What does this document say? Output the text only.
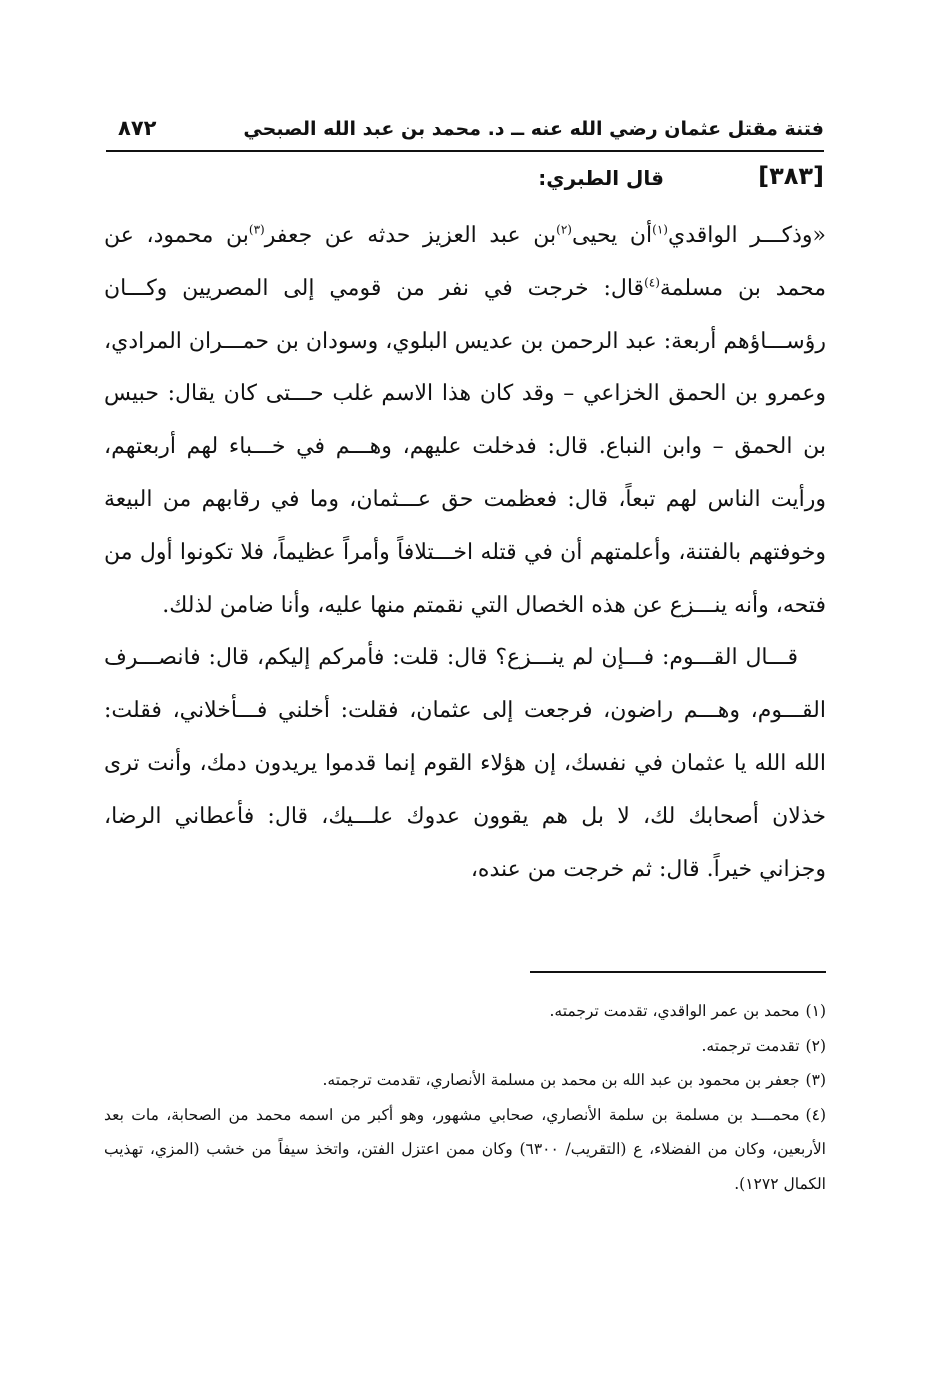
فتنة مقتل عثمان رضي الله عنه ــ د. محمد بن عبد الله الصبحي
٨٧٢
[٣٨٣]
قال الطبري:

«وذكـــر الواقدي$^{(١)}$أن يحيى$^{(٢)}$بن عبد العزيز حدثه عن جعفر$^{(٣)}$بن محمود، عن محمد بن مسلمة$^{(٤)}$قال: خرجت في نفر من قومي إلى المصريين وكـــان رؤســـاؤهم أربعة: عبد الرحمن بن عديس البلوي، وسودان بن حمـــران المرادي، وعمرو بن الحمق الخزاعي – وقد كان هذا الاسم غلب حـــتى كان يقال: حبيس بن الحمق – وابن النباع. قال: فدخلت عليهم، وهـــم في خـــباء لهم أربعتهم، ورأيت الناس لهم تبعاً، قال: فعظمت حق عـــثمان، وما في رقابهم من البيعة وخوفتهم بالفتنة، وأعلمتهم أن في قتله اخـــتلافاً وأمراً عظيماً، فلا تكونوا أول من فتحه، وأنه ينـــزع عن هذه الخصال التي نقمتم منها عليه، وأنا ضامن لذلك.

قـــال القـــوم: فـــإن لم ينـــزع؟ قال: قلت: فأمركم إليكم، قال: فانصـــرف القـــوم، وهـــم راضون، فرجعت إلى عثمان، فقلت: أخلني فـــأخلاني، فقلت: الله الله يا عثمان في نفسك، إن هؤلاء القوم إنما قدموا يريدون دمك، وأنت ترى خذلان أصحابك لك، لا بل هم يقوون عدوك علـــيك، قال: فأعطاني الرضا، وجزاني خيراً. قال: ثم خرجت من عنده،

(١)محمد بن عمر الواقدي، تقدمت ترجمته.

(٢)تقدمت ترجمته.

(٣)جعفر بن محمود بن عبد الله بن محمد بن مسلمة الأنصاري، تقدمت ترجمته.

(٤)محمـــد بن مسلمة بن سلمة الأنصاري، صحابي مشهور، وهو أكبر من اسمه محمد من الصحابة، مات بعد الأربعين، وكان من الفضلاء، ع (التقريب/ ٦٣٠٠) وكان ممن اعتزل الفتن، واتخذ سيفاً من خشب (المزي، تهذيب الكمال ١٢٧٢).
